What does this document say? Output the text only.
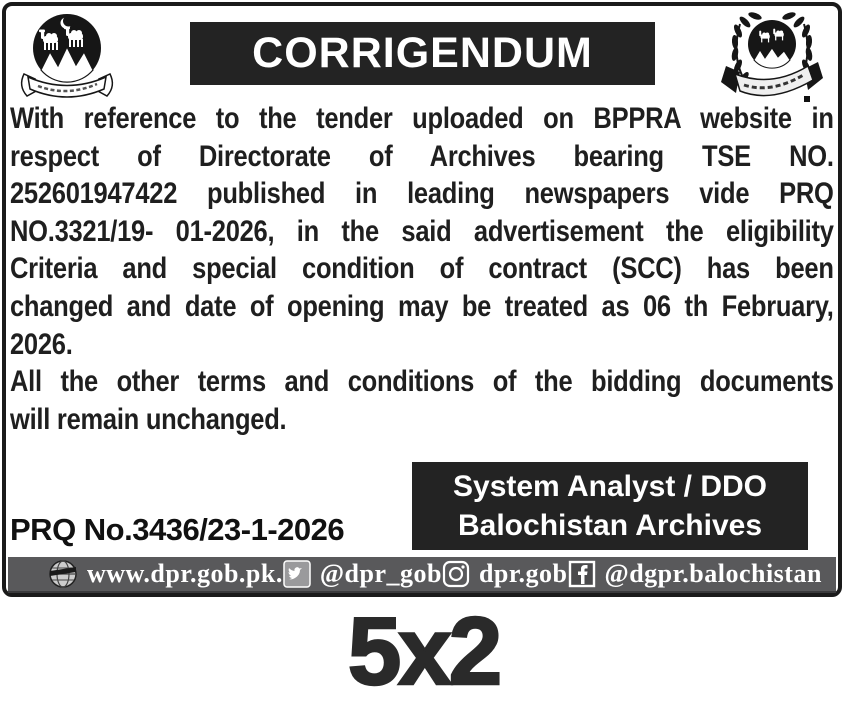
CORRIGENDUM
With reference to the tender uploaded on BPPRA website in
respect of Directorate of Archives bearing TSE NO.
252601947422 published in leading newspapers vide PRQ
NO.3321/19- 01-2026, in the said advertisement the eligibility
Criteria and special condition of contract (SCC) has been
changed and date of opening may be treated as 06 th February,
2026.
All the other terms and conditions of the bidding documents
will remain unchanged.
System Analyst / DDO
Balochistan Archives
PRQ No.3436/23-1-2026
www.dpr.gob.pk. @dpr_gob dpr.gob @dgpr.balochistan
5x2
